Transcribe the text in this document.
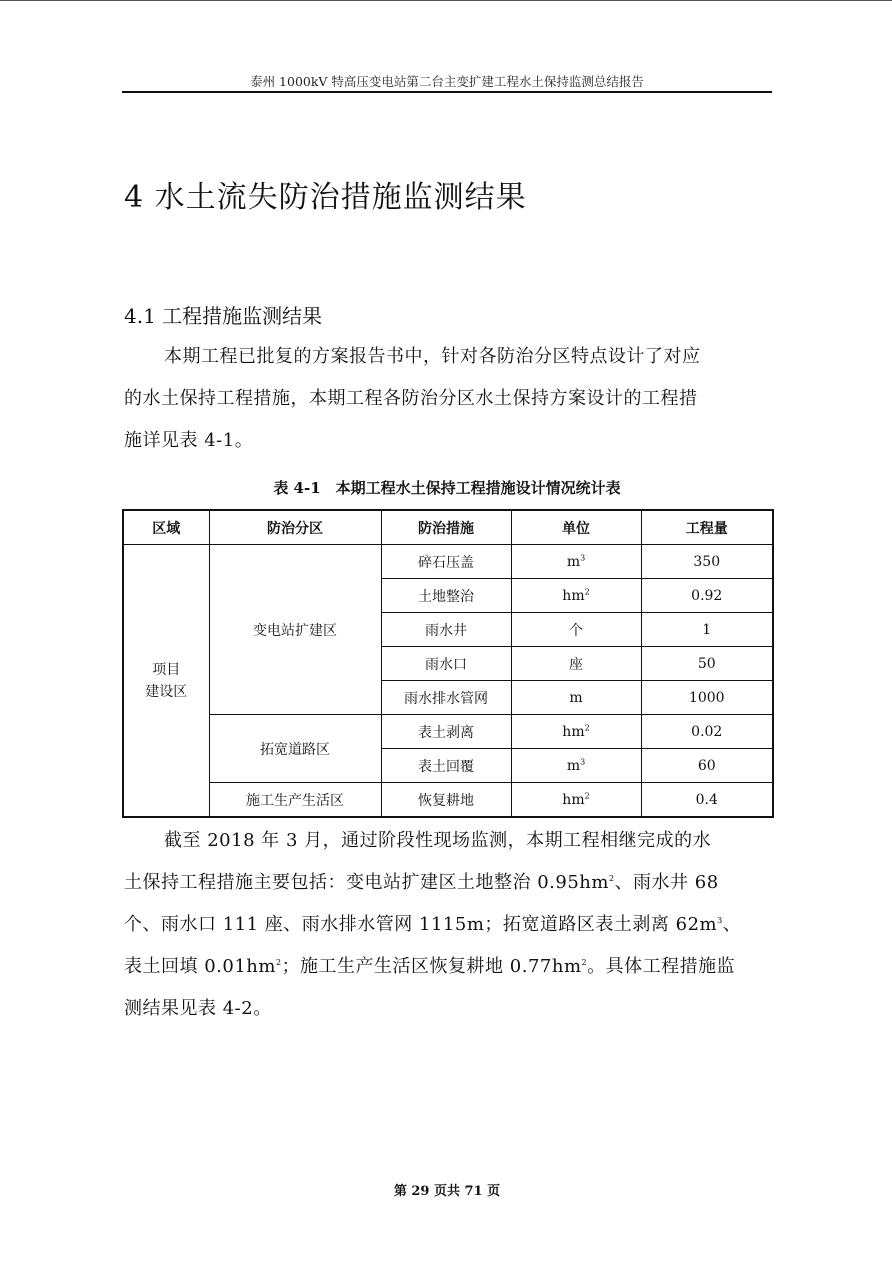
泰州 1000kV 特高压变电站第二台主变扩建工程水土保持监测总结报告
4 水土流失防治措施监测结果
4.1 工程措施监测结果

本期工程已批复的方案报告书中，针对各防治分区特点设计了对应
的水土保持工程措施，本期工程各防治分区水土保持方案设计的工程措
施详见表 4-1。

表 4-1　本期工程水土保持工程措施设计情况统计表
区域	防治分区	防治措施	单位	工程量
项目
建设区	变电站扩建区	碎石压盖	$m^3$	350
		土地整治	$hm^2$	0.92
		雨水井	个	1
		雨水口	座	50
		雨水排水管网	m	1000
	拓宽道路区	表土剥离	$hm^2$	0.02
		表土回覆	$m^3$	60
	施工生产生活区	恢复耕地	$hm^2$	0.4

截至 2018 年 3 月，通过阶段性现场监测，本期工程相继完成的水
土保持工程措施主要包括：变电站扩建区土地整治 $0.95hm^2$、雨水井 68
个、雨水口 111 座、雨水排水管网 1115m；拓宽道路区表土剥离 $62m^3$、
表土回填 $0.01hm^2$；施工生产生活区恢复耕地 $0.77hm^2$。具体工程措施监
测结果见表 4-2。

第 29 页共 71 页
